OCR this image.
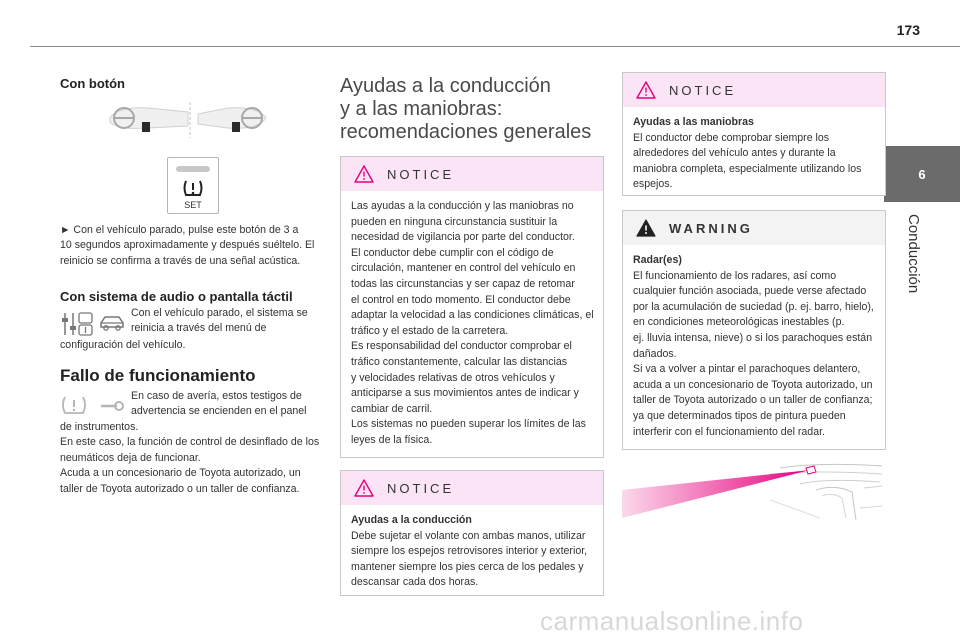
173
6
Conducción
Con botón
SET
► Con el vehículo parado, pulse este botón de 3 a
10 segundos aproximadamente y después suéltelo. El
reinicio se confirma a través de una señal acústica.
Con sistema de audio o pantalla táctil
Con el vehículo parado, el sistema se
reinicia a través del menú de
configuración del vehículo.
Fallo de funcionamiento
En caso de avería, estos testigos de
advertencia se encienden en el panel
de instrumentos.
En este caso, la función de control de desinflado de los
neumáticos deja de funcionar.
Acuda a un concesionario de Toyota autorizado, un
taller de Toyota autorizado o un taller de confianza.
Ayudas a la conducción
y a las maniobras:
recomendaciones generales
NOTICE
Las ayudas a la conducción y las maniobras no
pueden en ninguna circunstancia sustituir la
necesidad de vigilancia por parte del conductor.
El conductor debe cumplir con el código de
circulación, mantener en control del vehículo en
todas las circunstancias y ser capaz de retomar
el control en todo momento. El conductor debe
adaptar la velocidad a las condiciones climáticas, el
tráfico y el estado de la carretera.
Es responsabilidad del conductor comprobar el
tráfico constantemente, calcular las distancias
y velocidades relativas de otros vehículos y
anticiparse a sus movimientos antes de indicar y
cambiar de carril.
Los sistemas no pueden superar los límites de las
leyes de la física.
NOTICE
Ayudas a la conducción
Debe sujetar el volante con ambas manos, utilizar
siempre los espejos retrovisores interior y exterior,
mantener siempre los pies cerca de los pedales y
descansar cada dos horas.
NOTICE
Ayudas a las maniobras
El conductor debe comprobar siempre los
alrededores del vehículo antes y durante la
maniobra completa, especialmente utilizando los
espejos.
WARNING
Radar(es)
El funcionamiento de los radares, así como
cualquier función asociada, puede verse afectado
por la acumulación de suciedad (p. ej. barro, hielo),
en condiciones meteorológicas inestables (p.
ej. lluvia intensa, nieve) o si los parachoques están
dañados.
Si va a volver a pintar el parachoques delantero,
acuda a un concesionario de Toyota autorizado, un
taller de Toyota autorizado o un taller de confianza;
ya que determinados tipos de pintura pueden
interferir con el funcionamiento del radar.
carmanualsonline.info
